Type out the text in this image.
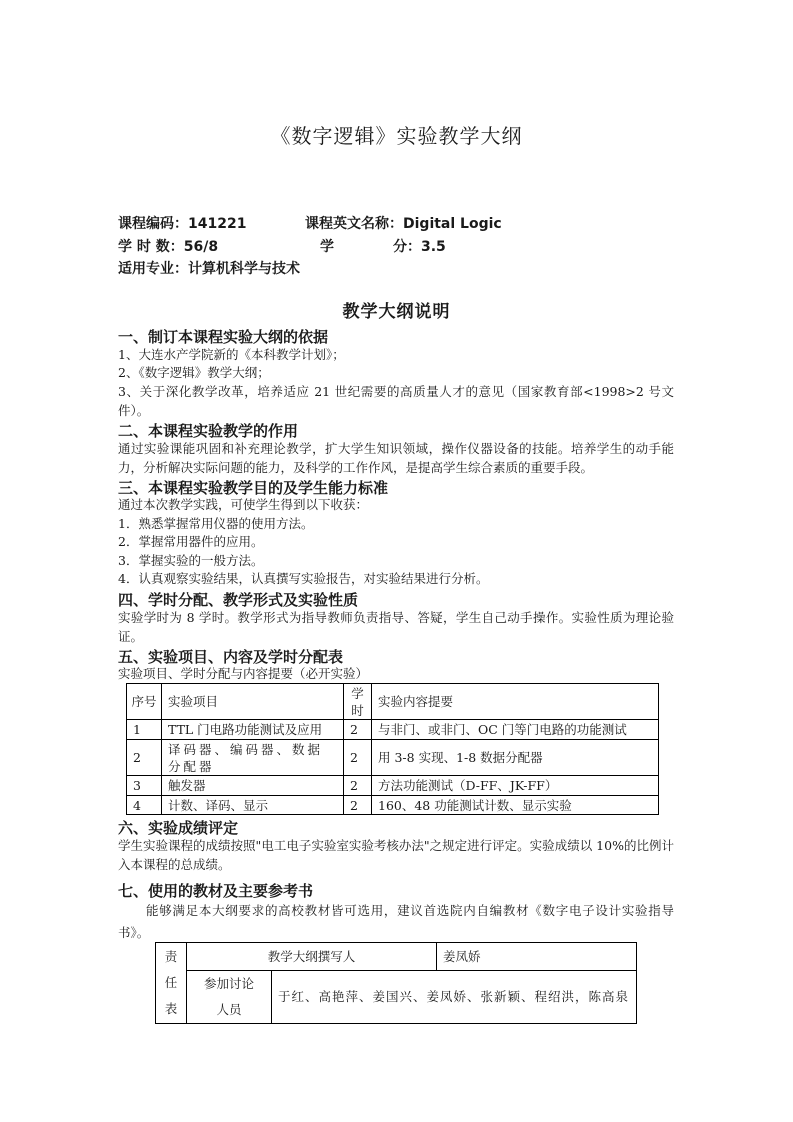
《数字逻辑》实验教学大纲
课程编码：141221	课程英文名称：Digital Logic
学 时 数：56/8	学	分：3.5
适用专业：计算机科学与技术
教学大纲说明
一、制订本课程实验大纲的依据
1、大连水产学院新的《本科教学计划》；
2、《数字逻辑》教学大纲；
3、关于深化教学改革，培养适应 21 世纪需要的高质量人才的意见（国家教育部<1998>2 号文件）。
二、本课程实验教学的作用
通过实验课能巩固和补充理论教学，扩大学生知识领域，操作仪器设备的技能。培养学生的动手能力，分析解决实际问题的能力，及科学的工作作风，是提高学生综合素质的重要手段。
三、本课程实验教学目的及学生能力标准
通过本次教学实践，可使学生得到以下收获：
1．熟悉掌握常用仪器的使用方法。
2．掌握常用器件的应用。
3．掌握实验的一般方法。
4．认真观察实验结果，认真撰写实验报告，对实验结果进行分析。
四、学时分配、教学形式及实验性质
实验学时为 8 学时。教学形式为指导教师负责指导、答疑，学生自己动手操作。实验性质为理论验证。
五、实验项目、内容及学时分配表
实验项目、学时分配与内容提要（必开实验）
序号	实验项目	学时	实验内容提要
1	TTL 门电路功能测试及应用	2	与非门、或非门、OC 门等门电路的功能测试
2	译码器、编码器、数据分配器	2	用 3-8 实现、1-8 数据分配器
3	触发器	2	方法功能测试（D-FF、JK-FF）
4	计数、译码、显示	2	160、48 功能测试计数、显示实验
六、实验成绩评定
学生实验课程的成绩按照"电工电子实验室实验考核办法"之规定进行评定。实验成绩以 10%的比例计入本课程的总成绩。
七、使用的教材及主要参考书
能够满足本大纲要求的高校教材皆可选用，建议首选院内自编教材《数字电子设计实验指导书》。
责任表	教学大纲撰写人		姜凤娇
	参加讨论人员	于红、高艳萍、姜国兴、姜凤娇、张新颖、程绍洪，陈高泉	
